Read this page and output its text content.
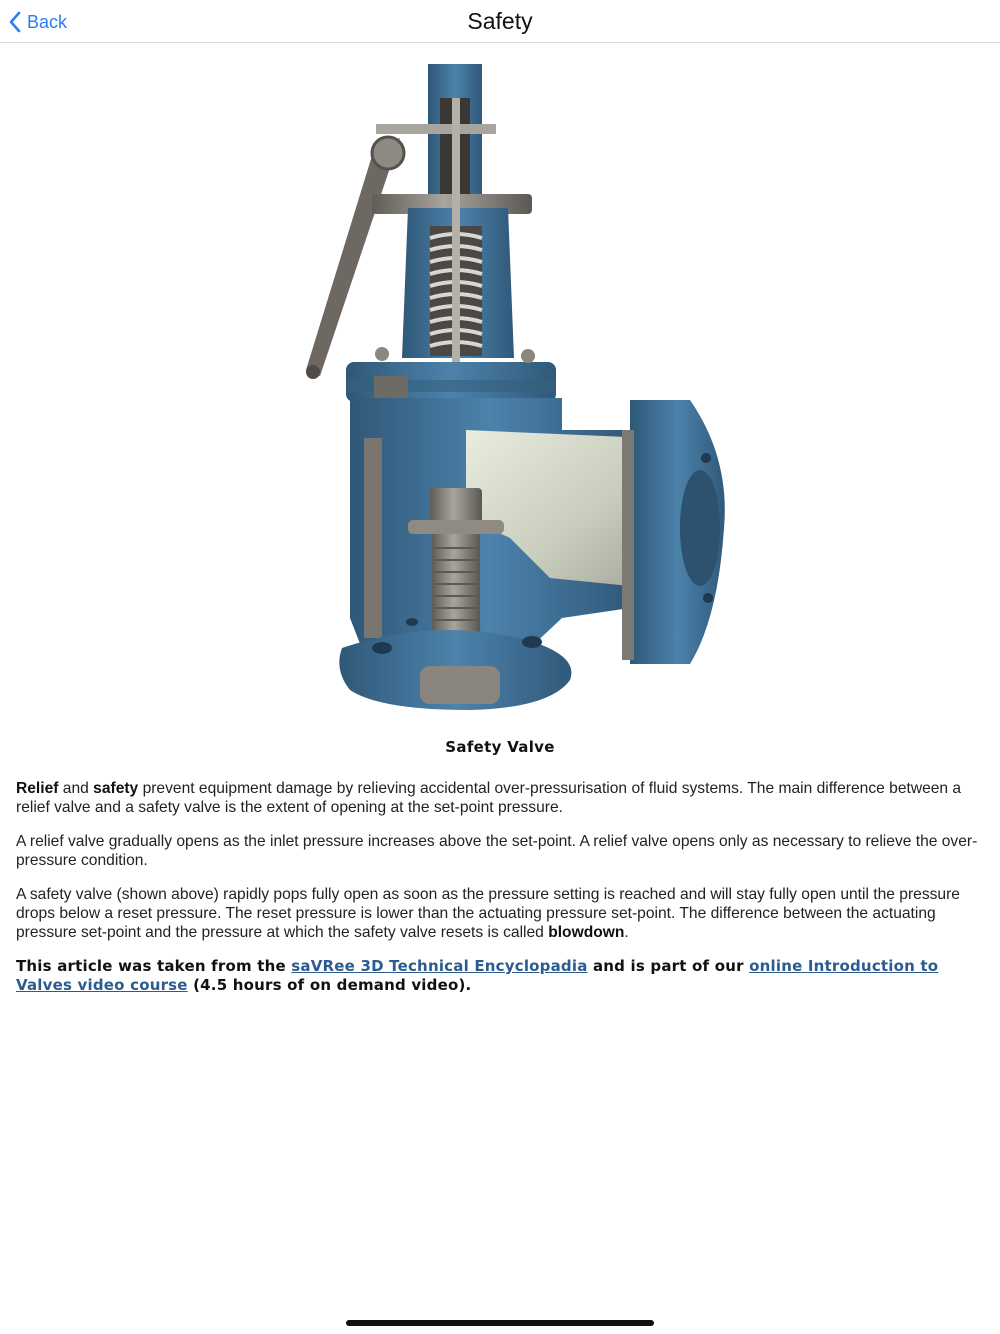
Back	Safety
Safety Valve

Relief and safety prevent equipment damage by relieving accidental over-pressurisation of fluid systems. The main difference between a relief valve and a safety valve is the extent of opening at the set-point pressure.

A relief valve gradually opens as the inlet pressure increases above the set-point. A relief valve opens only as necessary to relieve the over-pressure condition.

A safety valve (shown above) rapidly pops fully open as soon as the pressure setting is reached and will stay fully open until the pressure drops below a reset pressure. The reset pressure is lower than the actuating pressure set-point. The difference between the actuating pressure set-point and the pressure at which the safety valve resets is called blowdown.

This article was taken from the saVRee 3D Technical Encyclopadia and is part of our online Introduction to Valves video course (4.5 hours of on demand video).
